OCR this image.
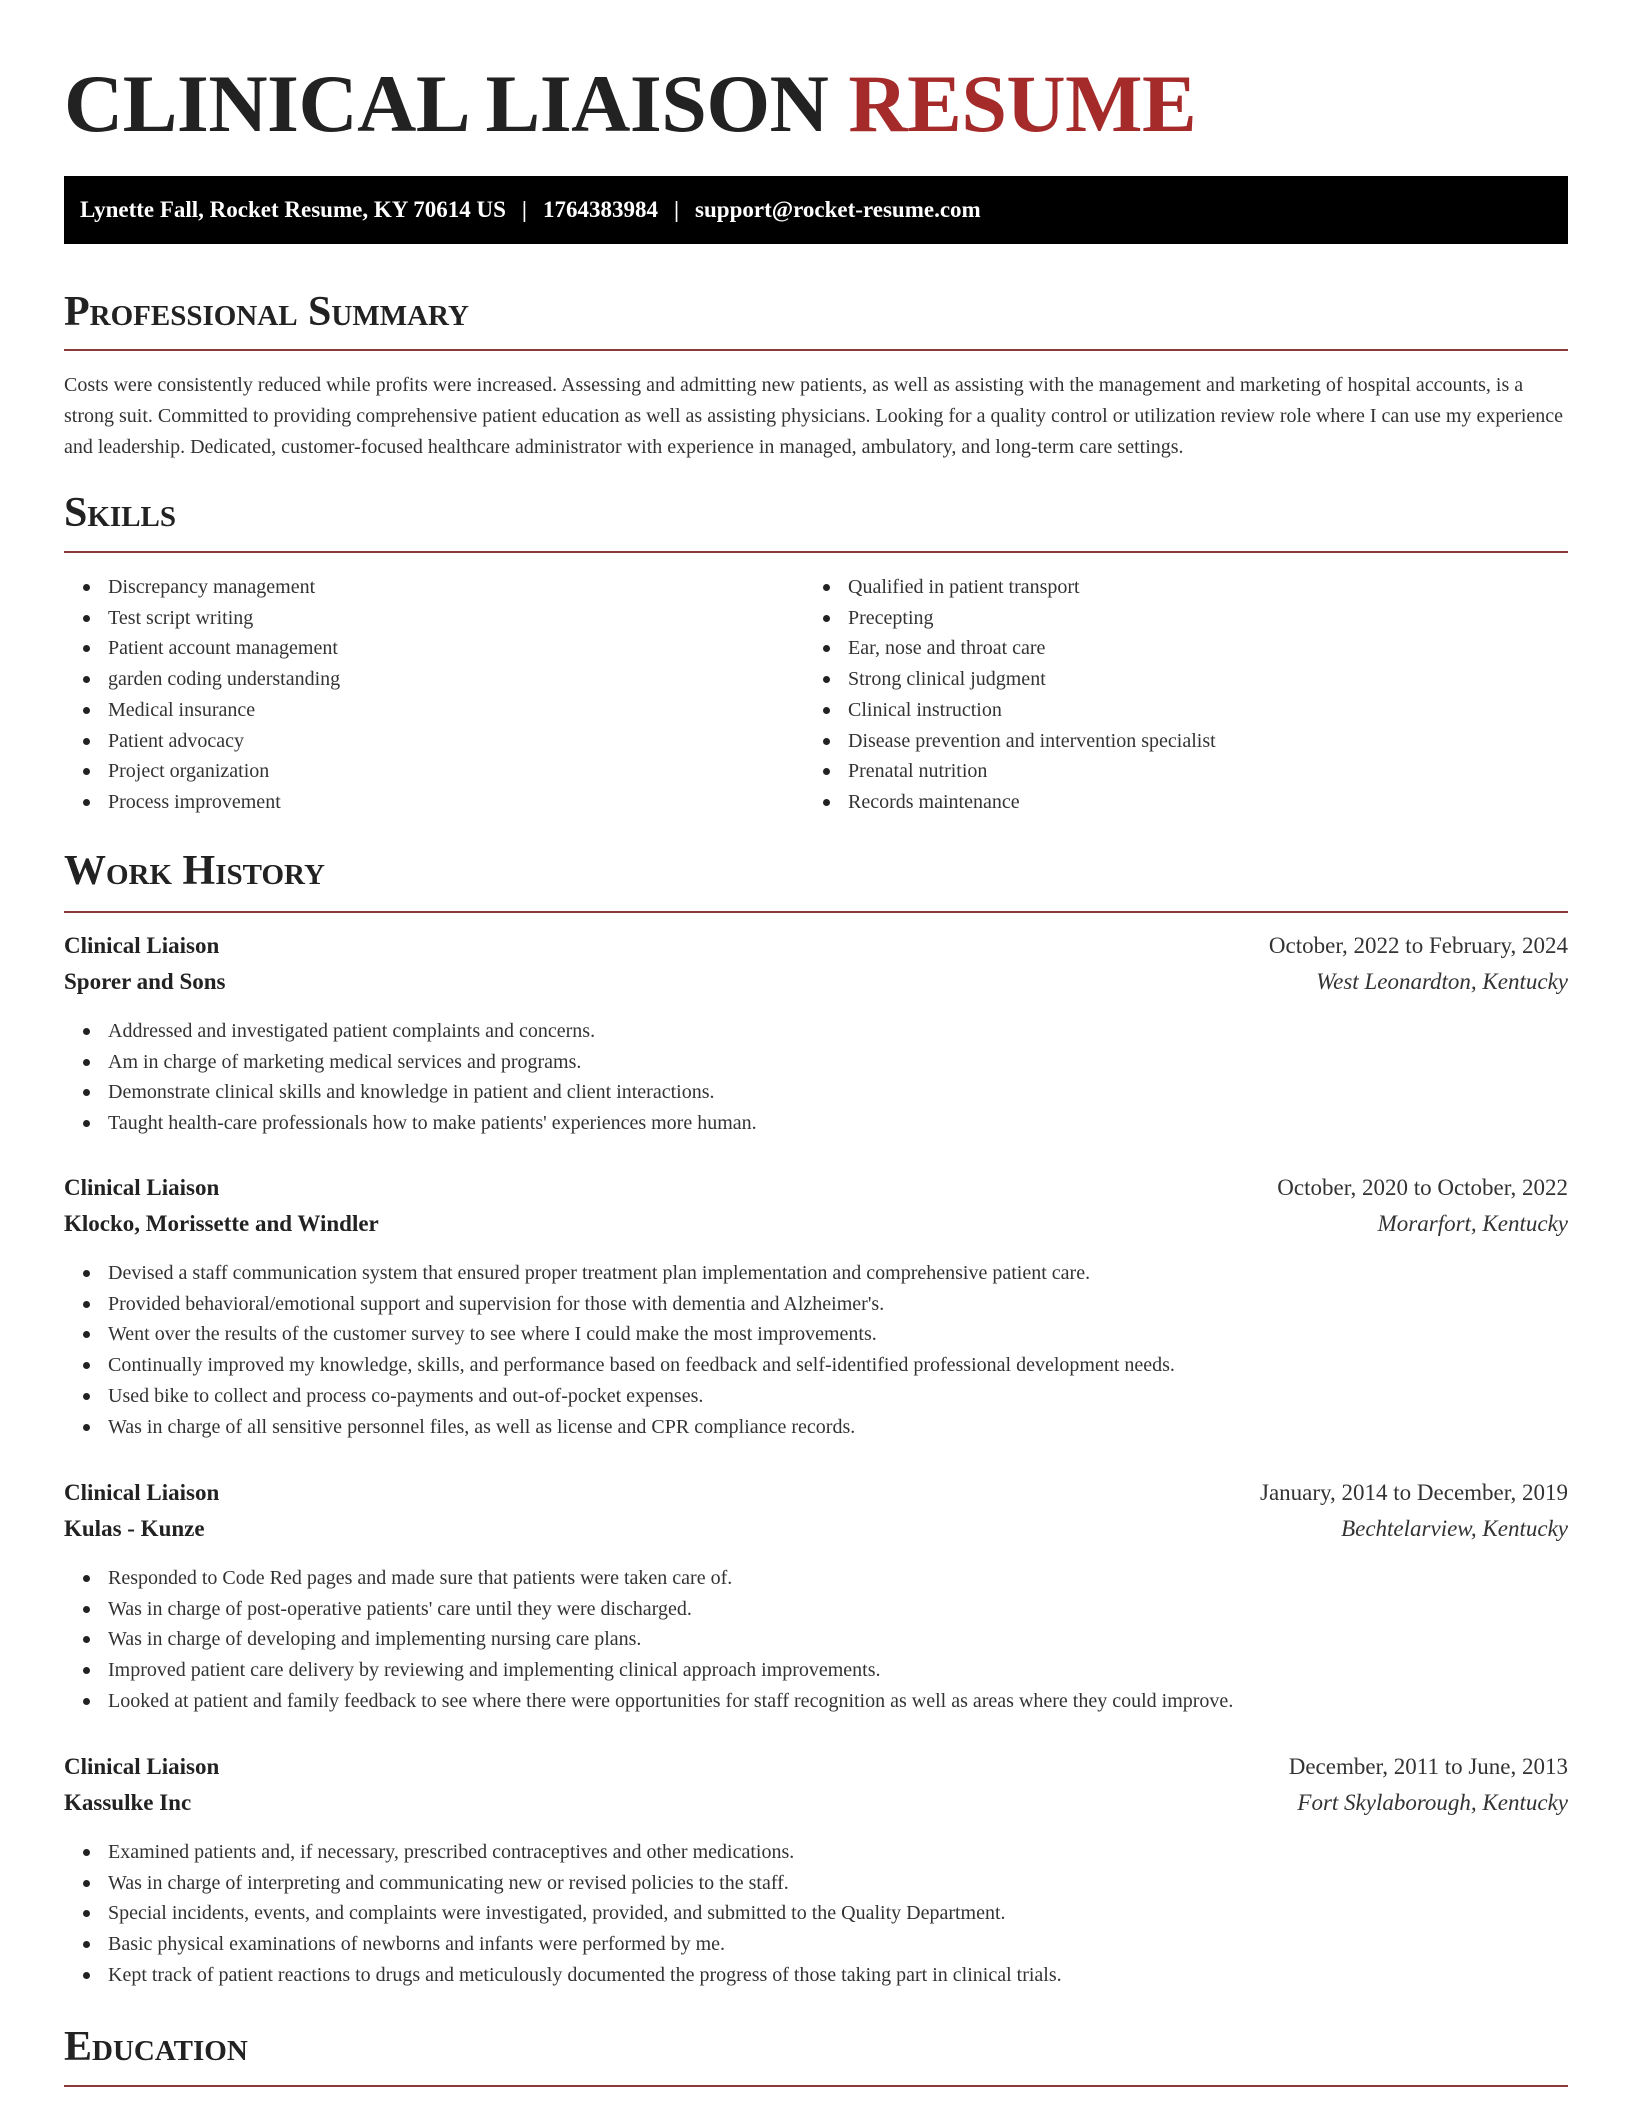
CLINICAL LIAISON RESUME
Lynette Fall, Rocket Resume, KY 70614 US | 1764383984 | support@rocket-resume.com
Professional Summary

Costs were consistently reduced while profits were increased. Assessing and admitting new patients, as well as assisting with the management and marketing of hospital accounts, is a strong suit. Committed to providing comprehensive patient education as well as assisting physicians. Looking for a quality control or utilization review role where I can use my experience and leadership. Dedicated, customer-focused healthcare administrator with experience in managed, ambulatory, and long-term care settings.

Skills
Discrepancy management
Test script writing
Patient account management
garden coding understanding
Medical insurance
Patient advocacy
Project organization
Process improvement
Qualified in patient transport
Precepting
Ear, nose and throat care
Strong clinical judgment
Clinical instruction
Disease prevention and intervention specialist
Prenatal nutrition
Records maintenance
Work History
Clinical Liaison	October, 2022 to February, 2024
Sporer and Sons	West Leonardton, Kentucky
Addressed and investigated patient complaints and concerns.
Am in charge of marketing medical services and programs.
Demonstrate clinical skills and knowledge in patient and client interactions.
Taught health-care professionals how to make patients' experiences more human.
Clinical Liaison	October, 2020 to October, 2022
Klocko, Morissette and Windler	Morarfort, Kentucky
Devised a staff communication system that ensured proper treatment plan implementation and comprehensive patient care.
Provided behavioral/emotional support and supervision for those with dementia and Alzheimer's.
Went over the results of the customer survey to see where I could make the most improvements.
Continually improved my knowledge, skills, and performance based on feedback and self-identified professional development needs.
Used bike to collect and process co-payments and out-of-pocket expenses.
Was in charge of all sensitive personnel files, as well as license and CPR compliance records.
Clinical Liaison	January, 2014 to December, 2019
Kulas - Kunze	Bechtelarview, Kentucky
Responded to Code Red pages and made sure that patients were taken care of.
Was in charge of post-operative patients' care until they were discharged.
Was in charge of developing and implementing nursing care plans.
Improved patient care delivery by reviewing and implementing clinical approach improvements.
Looked at patient and family feedback to see where there were opportunities for staff recognition as well as areas where they could improve.
Clinical Liaison	December, 2011 to June, 2013
Kassulke Inc	Fort Skylaborough, Kentucky
Examined patients and, if necessary, prescribed contraceptives and other medications.
Was in charge of interpreting and communicating new or revised policies to the staff.
Special incidents, events, and complaints were investigated, provided, and submitted to the Quality Department.
Basic physical examinations of newborns and infants were performed by me.
Kept track of patient reactions to drugs and meticulously documented the progress of those taking part in clinical trials.
Education
